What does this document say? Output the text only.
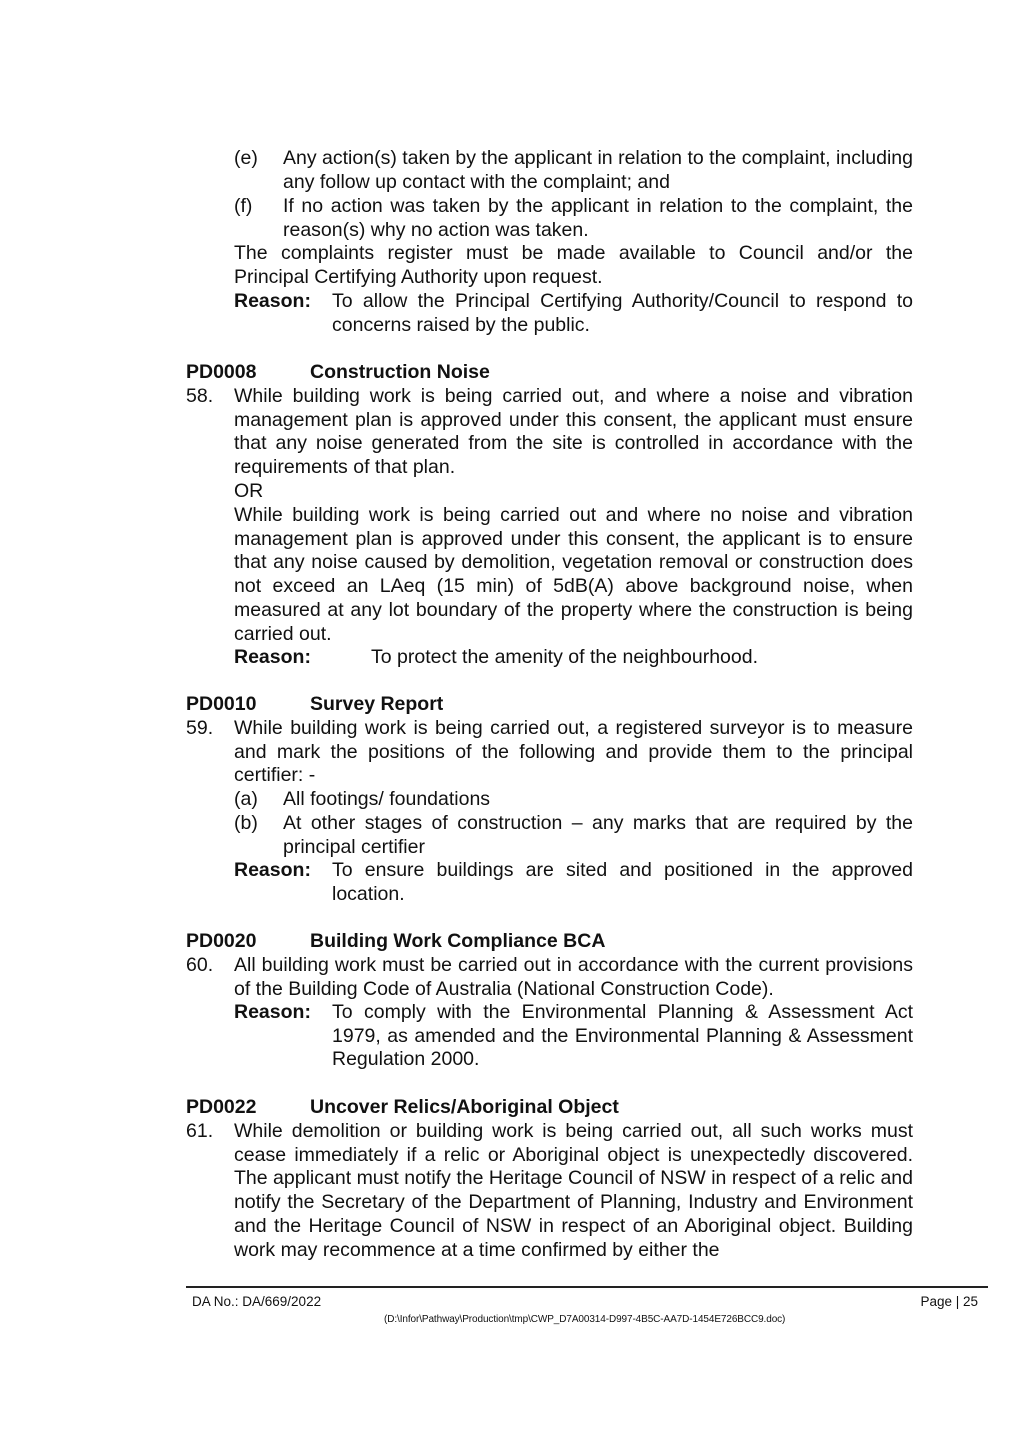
(e) Any action(s) taken by the applicant in relation to the complaint, including any follow up contact with the complaint; and
(f) If no action was taken by the applicant in relation to the complaint, the reason(s) why no action was taken.
The complaints register must be made available to Council and/or the Principal Certifying Authority upon request.
Reason: To allow the Principal Certifying Authority/Council to respond to concerns raised by the public.
PD0008	Construction Noise
58. While building work is being carried out, and where a noise and vibration management plan is approved under this consent, the applicant must ensure that any noise generated from the site is controlled in accordance with the requirements of that plan.
OR
While building work is being carried out and where no noise and vibration management plan is approved under this consent, the applicant is to ensure that any noise caused by demolition, vegetation removal or construction does not exceed an LAeq (15 min) of 5dB(A) above background noise, when measured at any lot boundary of the property where the construction is being carried out.
Reason:	To protect the amenity of the neighbourhood.
PD0010	Survey Report
59. While building work is being carried out, a registered surveyor is to measure and mark the positions of the following and provide them to the principal certifier: -
(a) All footings/ foundations
(b) At other stages of construction – any marks that are required by the principal certifier
Reason: To ensure buildings are sited and positioned in the approved location.
PD0020	Building Work Compliance BCA
60. All building work must be carried out in accordance with the current provisions of the Building Code of Australia (National Construction Code).
Reason: To comply with the Environmental Planning & Assessment Act 1979, as amended and the Environmental Planning & Assessment Regulation 2000.
PD0022	Uncover Relics/Aboriginal Object
61. While demolition or building work is being carried out, all such works must cease immediately if a relic or Aboriginal object is unexpectedly discovered. The applicant must notify the Heritage Council of NSW in respect of a relic and notify the Secretary of the Department of Planning, Industry and Environment and the Heritage Council of NSW in respect of an Aboriginal object. Building work may recommence at a time confirmed by either the
DA No.: DA/669/2022	Page | 25
(D:\Infor\Pathway\Production\tmp\CWP_D7A00314-D997-4B5C-AA7D-1454E726BCC9.doc)
